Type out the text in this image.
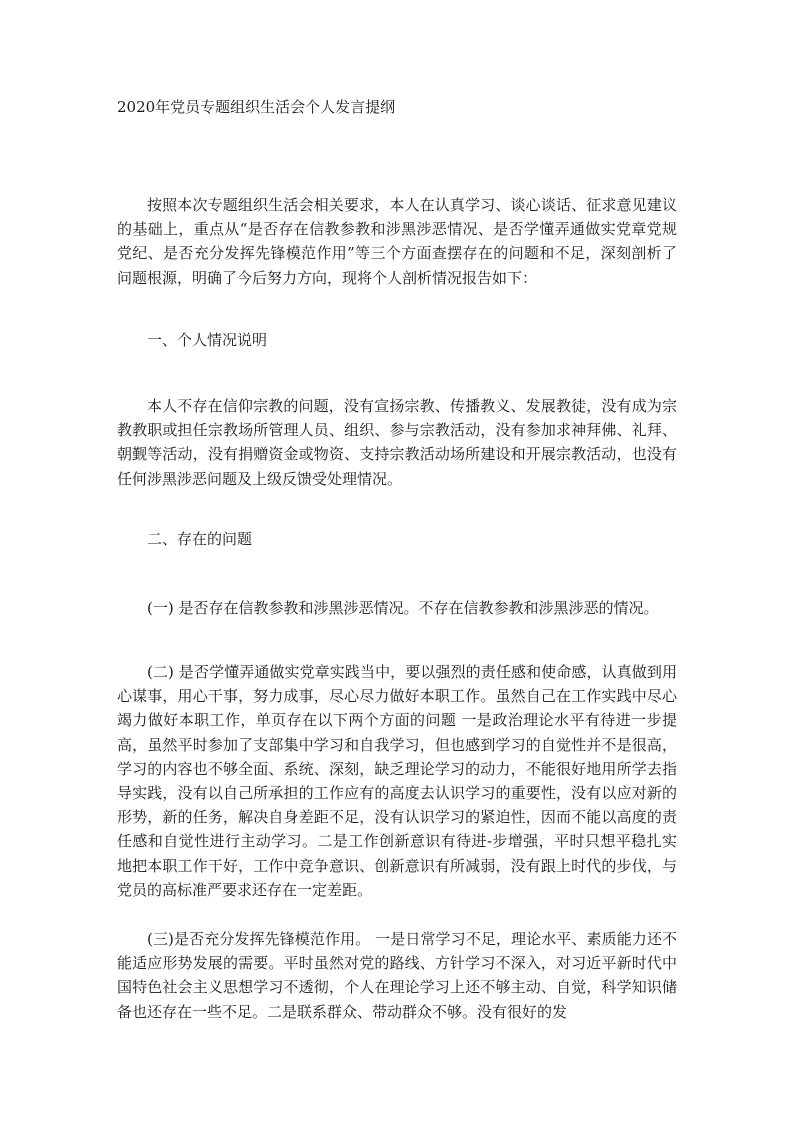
2020年党员专题组织生活会个人发言提纲

按照本次专题组织生活会相关要求，本人在认真学习、谈心谈话、征求意见建议的基础上，重点从“是否存在信教参教和涉黑涉恶情况、是否学懂弄通做实党章党规党纪、是否充分发挥先锋模范作用”等三个方面查摆存在的问题和不足，深刻剖析了问题根源，明确了今后努力方向，现将个人剖析情况报告如下：

一、个人情况说明

本人不存在信仰宗教的问题，没有宣扬宗教、传播教义、发展教徒，没有成为宗教教职或担任宗教场所管理人员、组织、参与宗教活动，没有参加求神拜佛、礼拜、朝觐等活动，没有捐赠资金或物资、支持宗教活动场所建设和开展宗教活动，也没有任何涉黑涉恶问题及上级反馈受处理情况。

二、存在的问题

(一) 是否存在信教参教和涉黑涉恶情况。不存在信教参教和涉黑涉恶的情况。

(二) 是否学懂弄通做实党章实践当中，要以强烈的责任感和使命感，认真做到用心谋事，用心干事，努力成事，尽心尽力做好本职工作。虽然自己在工作实践中尽心竭力做好本职工作，单页存在以下两个方面的问题 一是政治理论水平有待进一步提高，虽然平时参加了支部集中学习和自我学习，但也感到学习的自觉性并不是很高，学习的内容也不够全面、系统、深刻，缺乏理论学习的动力，不能很好地用所学去指导实践，没有以自己所承担的工作应有的高度去认识学习的重要性，没有以应对新的形势，新的任务，解决自身差距不足，没有认识学习的紧迫性，因而不能以高度的责任感和自觉性进行主动学习。二是工作创新意识有待进-步增强，平时只想平稳扎实地把本职工作干好，工作中竞争意识、创新意识有所减弱，没有跟上时代的步伐，与党员的高标准严要求还存在一定差距。

(三)是否充分发挥先锋模范作用。 一是日常学习不足，理论水平、素质能力还不能适应形势发展的需要。平时虽然对党的路线、方针学习不深入，对习近平新时代中国特色社会主义思想学习不透彻，个人在理论学习上还不够主动、自觉，科学知识储备也还存在一些不足。二是联系群众、带动群众不够。没有很好的发
